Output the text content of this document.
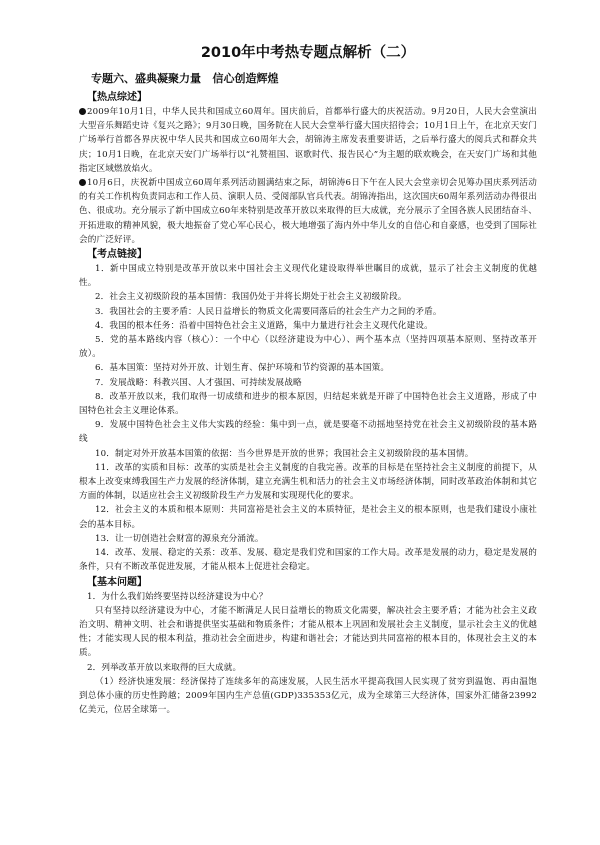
2010年中考热专题点解析（二）
专题六、盛典凝聚力量   信心创造辉煌
【热点综述】

2009年10月1日，中华人民共和国成立60周年。国庆前后，首都举行盛大的庆祝活动。9月20日，人民大会堂演出大型音乐舞蹈史诗《复兴之路》；9月30日晚，国务院在人民大会堂举行盛大国庆招待会；10月1日上午，在北京天安门广场举行首都各界庆祝中华人民共和国成立60周年大会，胡锦涛主席发表重要讲话，之后举行盛大的阅兵式和群众共庆；10月1日晚，在北京天安门广场举行以“礼赞祖国、讴歌时代、报告民心”为主题的联欢晚会，在天安门广场和其他指定区域燃放焰火。

10月6日，庆祝新中国成立60周年系列活动圆满结束之际，胡锦涛6日下午在人民大会堂亲切会见筹办国庆系列活动的有关工作机构负责同志和工作人员、演职人员、受阅部队官兵代表。胡锦涛指出，这次国庆60周年系列活动办得很出色、很成功。充分展示了新中国成立60年来特别是改革开放以来取得的巨大成就，充分展示了全国各族人民团结奋斗、开拓进取的精神风貌，极大地振奋了党心军心民心，极大地增强了海内外中华儿女的自信心和自豪感，也受到了国际社会的广泛好评。

【考点链接】

1．新中国成立特别是改革开放以来中国社会主义现代化建设取得举世瞩目的成就，显示了社会主义制度的优越性。

2．社会主义初级阶段的基本国情：我国仍处于并将长期处于社会主义初级阶段。

3．我国社会的主要矛盾：人民日益增长的物质文化需要同落后的社会生产力之间的矛盾。

4．我国的根本任务：沿着中国特色社会主义道路，集中力量进行社会主义现代化建设。

5．党的基本路线内容（核心）：一个中心（以经济建设为中心）、两个基本点（坚持四项基本原则、坚持改革开放）。

6．基本国策：坚持对外开放、计划生育、保护环境和节约资源的基本国策。

7．发展战略：科教兴国、人才强国、可持续发展战略

8．改革开放以来，我们取得一切成绩和进步的根本原因，归结起来就是开辟了中国特色社会主义道路，形成了中国特色社会主义理论体系。

9．发展中国特色社会主义伟大实践的经验：集中到一点，就是要毫不动摇地坚持党在社会主义初级阶段的基本路线

10．制定对外开放基本国策的依据：当今世界是开放的世界；我国社会主义初级阶段的基本国情。

11．改革的实质和目标：改革的实质是社会主义制度的自我完善。改革的目标是在坚持社会主义制度的前提下，从根本上改变束缚我国生产力发展的经济体制，建立充满生机和活力的社会主义市场经济体制，同时改革政治体制和其它方面的体制，以适应社会主义初级阶段生产力发展和实现现代化的要求。

12．社会主义的本质和根本原则：共同富裕是社会主义的本质特征，是社会主义的根本原则，也是我们建设小康社会的基本目标。

13．让一切创造社会财富的源泉充分涌流。

14．改革、发展、稳定的关系：改革、发展、稳定是我们党和国家的工作大局。改革是发展的动力，稳定是发展的条件，只有不断改革促进发展，才能从根本上促进社会稳定。

【基本问题】

1．为什么我们始终要坚持以经济建设为中心？

只有坚持以经济建设为中心，才能不断满足人民日益增长的物质文化需要，解决社会主要矛盾；才能为社会主义政治文明、精神文明、社会和谐提供坚实基础和物质条件；才能从根本上巩固和发展社会主义制度，显示社会主义的优越性；才能实现人民的根本利益，推动社会全面进步，构建和谐社会；才能达到共同富裕的根本目的，体现社会主义的本质。

2．列举改革开放以来取得的巨大成就。

（1）经济快速发展：经济保持了连续多年的高速发展，人民生活水平提高我国人民实现了贫穷到温饱、再由温饱到总体小康的历史性跨越；2009年国内生产总值(GDP)335353亿元，成为全球第三大经济体，国家外汇储备23992亿美元，位居全球第一。
